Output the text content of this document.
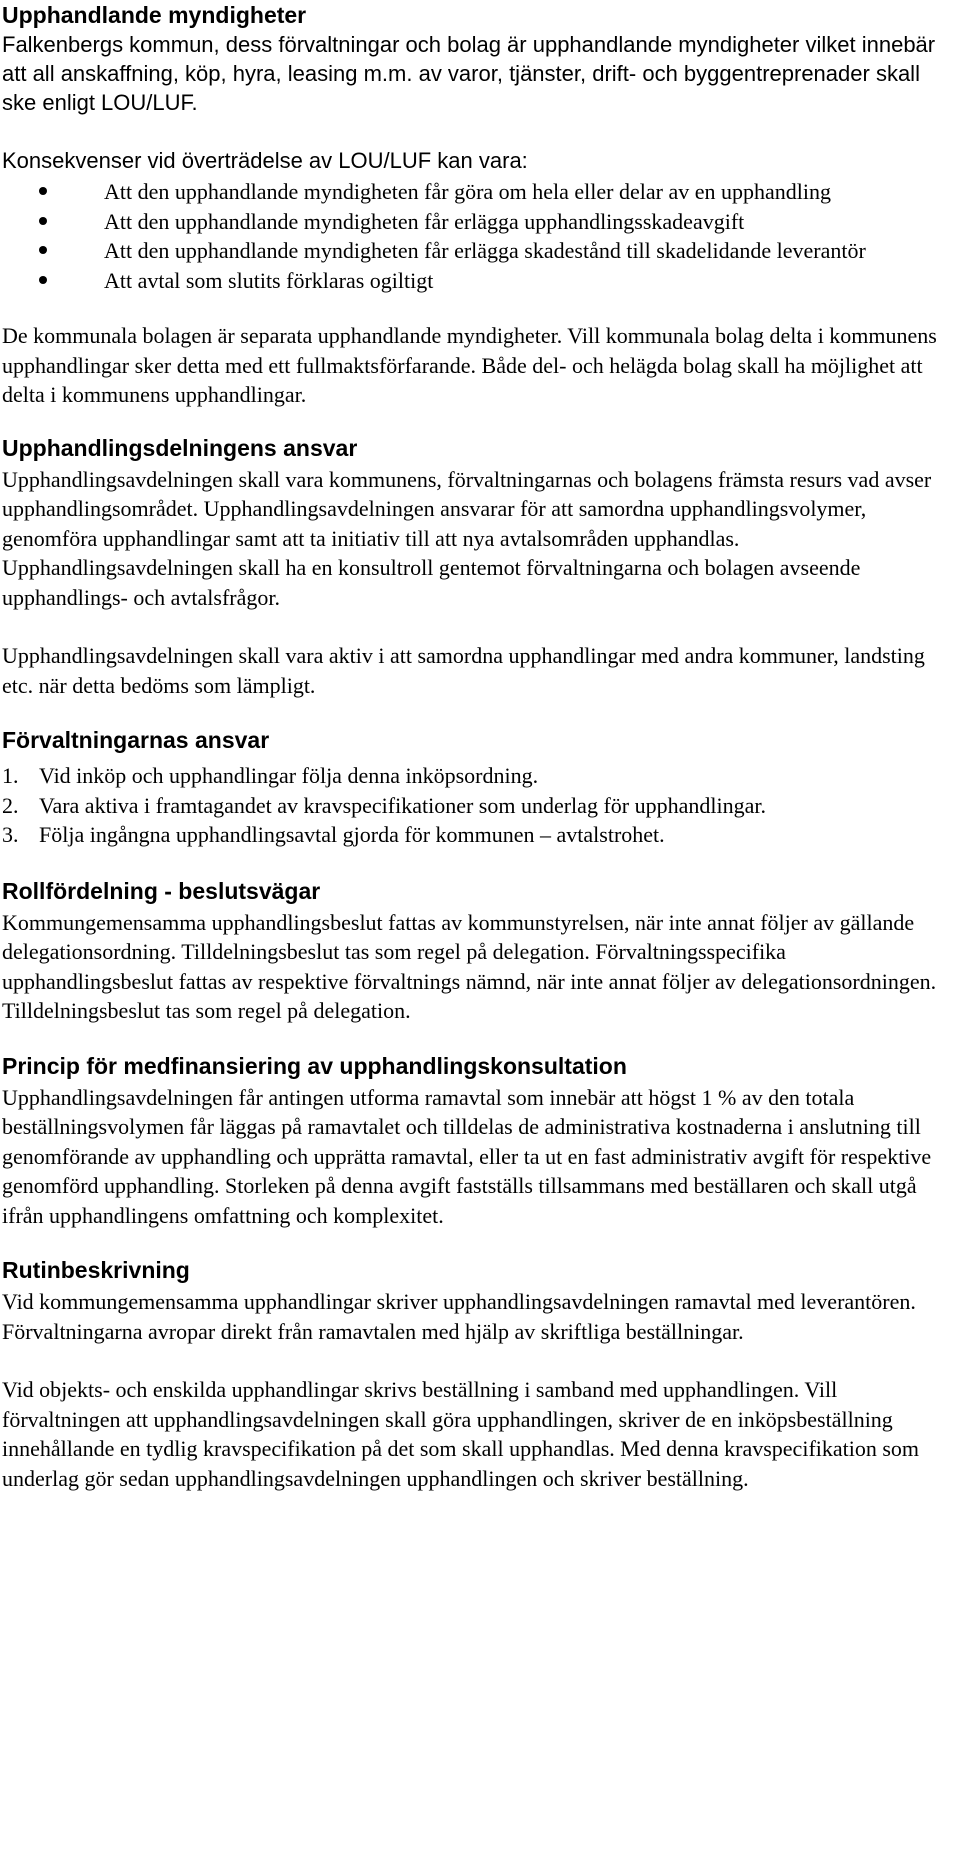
Upphandlande myndigheter

Falkenbergs kommun, dess förvaltningar och bolag är upphandlande myndigheter vilket innebär att all anskaffning, köp, hyra, leasing m.m. av varor, tjänster, drift- och byggentreprenader skall ske enligt LOU/LUF.

Konsekvenser vid överträdelse av LOU/LUF kan vara:

Att den upphandlande myndigheten får göra om hela eller delar av en upphandling
Att den upphandlande myndigheten får erlägga upphandlingsskadeavgift
Att den upphandlande myndigheten får erlägga skadestånd till skadelidande leverantör
Att avtal som slutits förklaras ogiltigt

De kommunala bolagen är separata upphandlande myndigheter. Vill kommunala bolag delta i kommunens upphandlingar sker detta med ett fullmaktsförfarande. Både del- och helägda bolag skall ha möjlighet att delta i kommunens upphandlingar.

Upphandlingsdelningens ansvar

Upphandlingsavdelningen skall vara kommunens, förvaltningarnas och bolagens främsta resurs vad avser upphandlingsområdet. Upphandlingsavdelningen ansvarar för att samordna upphandlingsvolymer, genomföra upphandlingar samt att ta initiativ till att nya avtalsområden upphandlas. Upphandlingsavdelningen skall ha en konsultroll gentemot förvaltningarna och bolagen avseende upphandlings- och avtalsfrågor.

Upphandlingsavdelningen skall vara aktiv i att samordna upphandlingar med andra kommuner, landsting etc. när detta bedöms som lämpligt.

Förvaltningarnas ansvar
1. Vid inköp och upphandlingar följa denna inköpsordning.
2. Vara aktiva i framtagandet av kravspecifikationer som underlag för upphandlingar.
3. Följa ingångna upphandlingsavtal gjorda för kommunen – avtalstrohet.
Rollfördelning - beslutsvägar

Kommungemensamma upphandlingsbeslut fattas av kommunstyrelsen, när inte annat följer av gällande delegationsordning. Tilldelningsbeslut tas som regel på delegation. Förvaltningsspecifika upphandlingsbeslut fattas av respektive förvaltnings nämnd, när inte annat följer av delegationsordningen. Tilldelningsbeslut tas som regel på delegation.

Princip för medfinansiering av upphandlingskonsultation

Upphandlingsavdelningen får antingen utforma ramavtal som innebär att högst 1 % av den totala beställningsvolymen får läggas på ramavtalet och tilldelas de administrativa kostnaderna i anslutning till genomförande av upphandling och upprätta ramavtal, eller ta ut en fast administrativ avgift för respektive genomförd upphandling. Storleken på denna avgift fastställs tillsammans med beställaren och skall utgå ifrån upphandlingens omfattning och komplexitet.

Rutinbeskrivning

Vid kommungemensamma upphandlingar skriver upphandlingsavdelningen ramavtal med leverantören. Förvaltningarna avropar direkt från ramavtalen med hjälp av skriftliga beställningar.

Vid objekts- och enskilda upphandlingar skrivs beställning i samband med upphandlingen. Vill förvaltningen att upphandlingsavdelningen skall göra upphandlingen, skriver de en inköpsbeställning innehållande en tydlig kravspecifikation på det som skall upphandlas. Med denna kravspecifikation som underlag gör sedan upphandlingsavdelningen upphandlingen och skriver beställning.
